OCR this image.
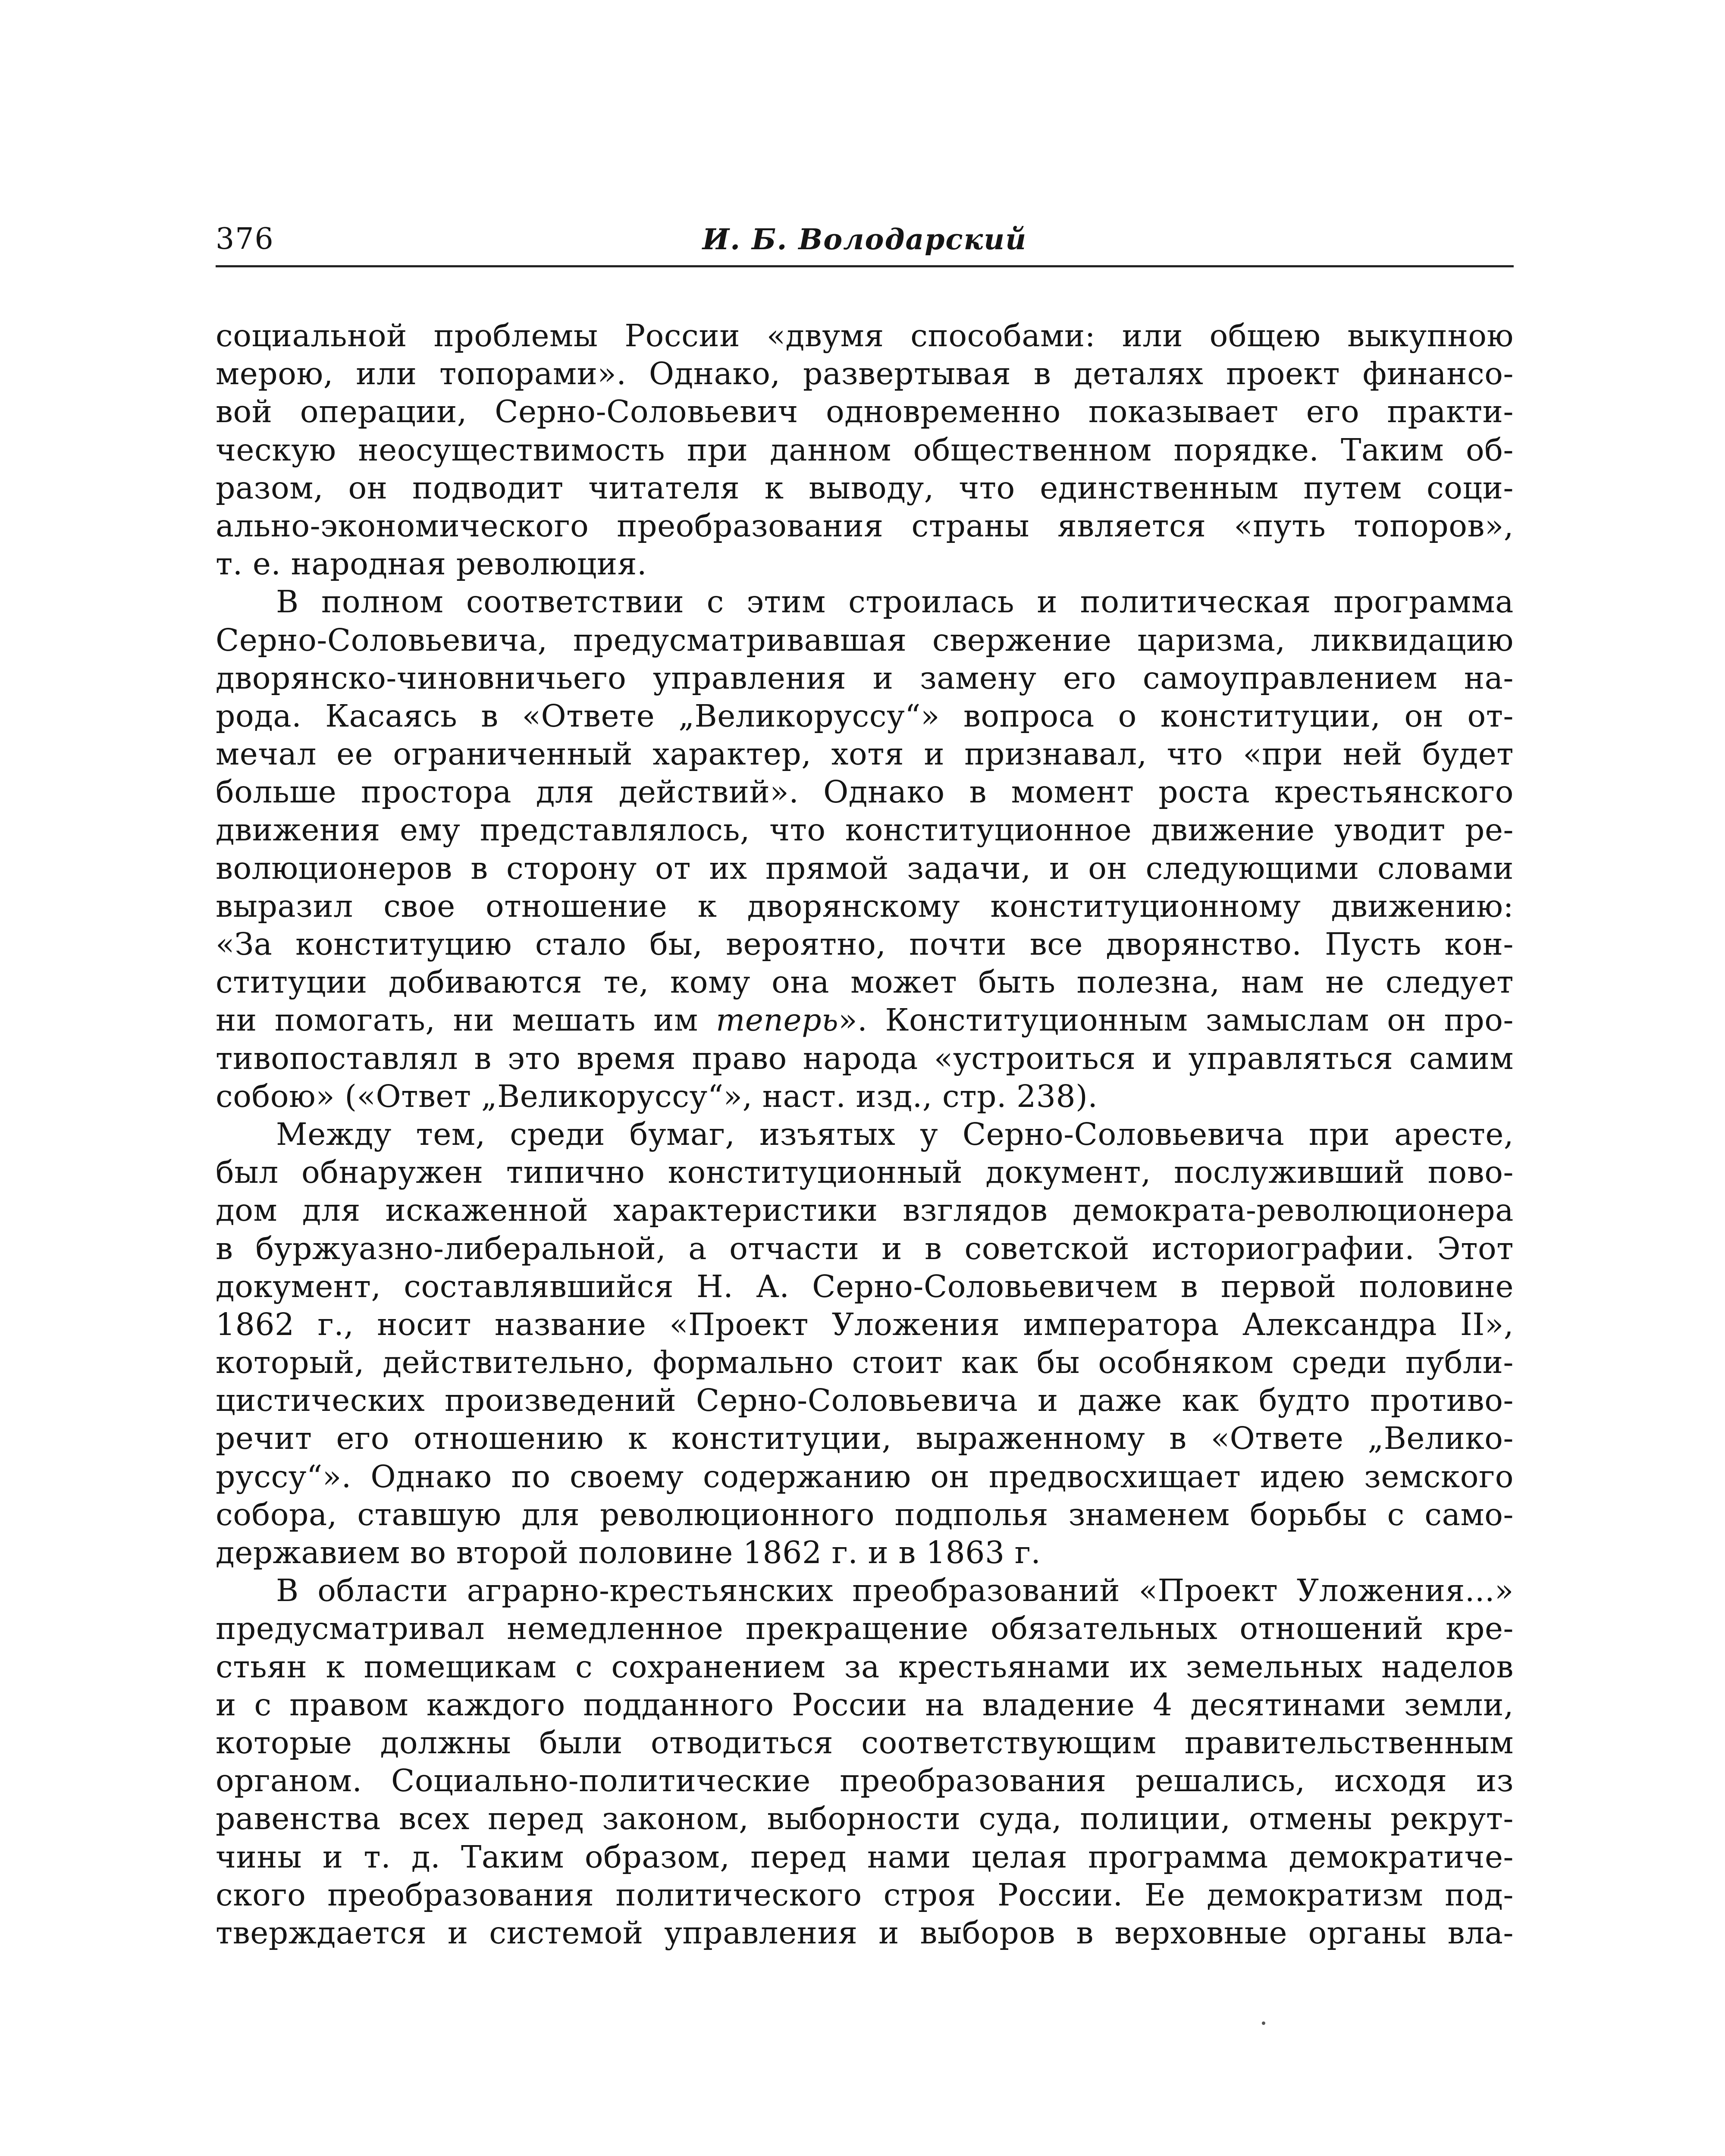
376	И. Б. Володарский

социальной проблемы России «двумя способами: или общею выкупною
мерою, или топорами». Однако, развертывая в деталях проект финансо-
вой операции, Серно-Соловьевич одновременно показывает его практи-
ческую неосуществимость при данном общественном порядке. Таким об-
разом, он подводит читателя к выводу, что единственным путем соци-
ально-экономического преобразования страны является «путь топоров»,
т. е. народная революция.

В полном соответствии с этим строилась и политическая программа
Серно-Соловьевича, предусматривавшая свержение царизма, ликвидацию
дворянско-чиновничьего управления и замену его самоуправлением на-
рода. Касаясь в «Ответе „Великоруссу“» вопроса о конституции, он от-
мечал ее ограниченный характер, хотя и признавал, что «при ней будет
больше простора для действий». Однако в момент роста крестьянского
движения ему представлялось, что конституционное движение уводит ре-
волюционеров в сторону от их прямой задачи, и он следующими словами
выразил свое отношение к дворянскому конституционному движению:
«За конституцию стало бы, вероятно, почти все дворянство. Пусть кон-
ституции добиваются те, кому она может быть полезна, нам не следует
ни помогать, ни мешать им теперь». Конституционным замыслам он про-
тивопоставлял в это время право народа «устроиться и управляться самим
собою» («Ответ „Великоруссу“», наст. изд., стр. 238).

Между тем, среди бумаг, изъятых у Серно-Соловьевича при аресте,
был обнаружен типично конституционный документ, послуживший пово-
дом для искаженной характеристики взглядов демократа-революционера
в буржуазно-либеральной, а отчасти и в советской историографии. Этот
документ, составлявшийся Н. А. Серно-Соловьевичем в первой половине
1862 г., носит название «Проект Уложения императора Александра II»,
который, действительно, формально стоит как бы особняком среди публи-
цистических произведений Серно-Соловьевича и даже как будто противо-
речит его отношению к конституции, выраженному в «Ответе „Велико-
руссу“». Однако по своему содержанию он предвосхищает идею земского
собора, ставшую для революционного подполья знаменем борьбы с само-
державием во второй половине 1862 г. и в 1863 г.

В области аграрно-крестьянских преобразований «Проект Уложения...»
предусматривал немедленное прекращение обязательных отношений кре-
стьян к помещикам с сохранением за крестьянами их земельных наделов
и с правом каждого подданного России на владение 4 десятинами земли,
которые должны были отводиться соответствующим правительственным
органом. Социально-политические преобразования решались, исходя из
равенства всех перед законом, выборности суда, полиции, отмены рекрут-
чины и т. д. Таким образом, перед нами целая программа демократиче-
ского преобразования политического строя России. Ее демократизм под-
тверждается и системой управления и выборов в верховные органы вла-
